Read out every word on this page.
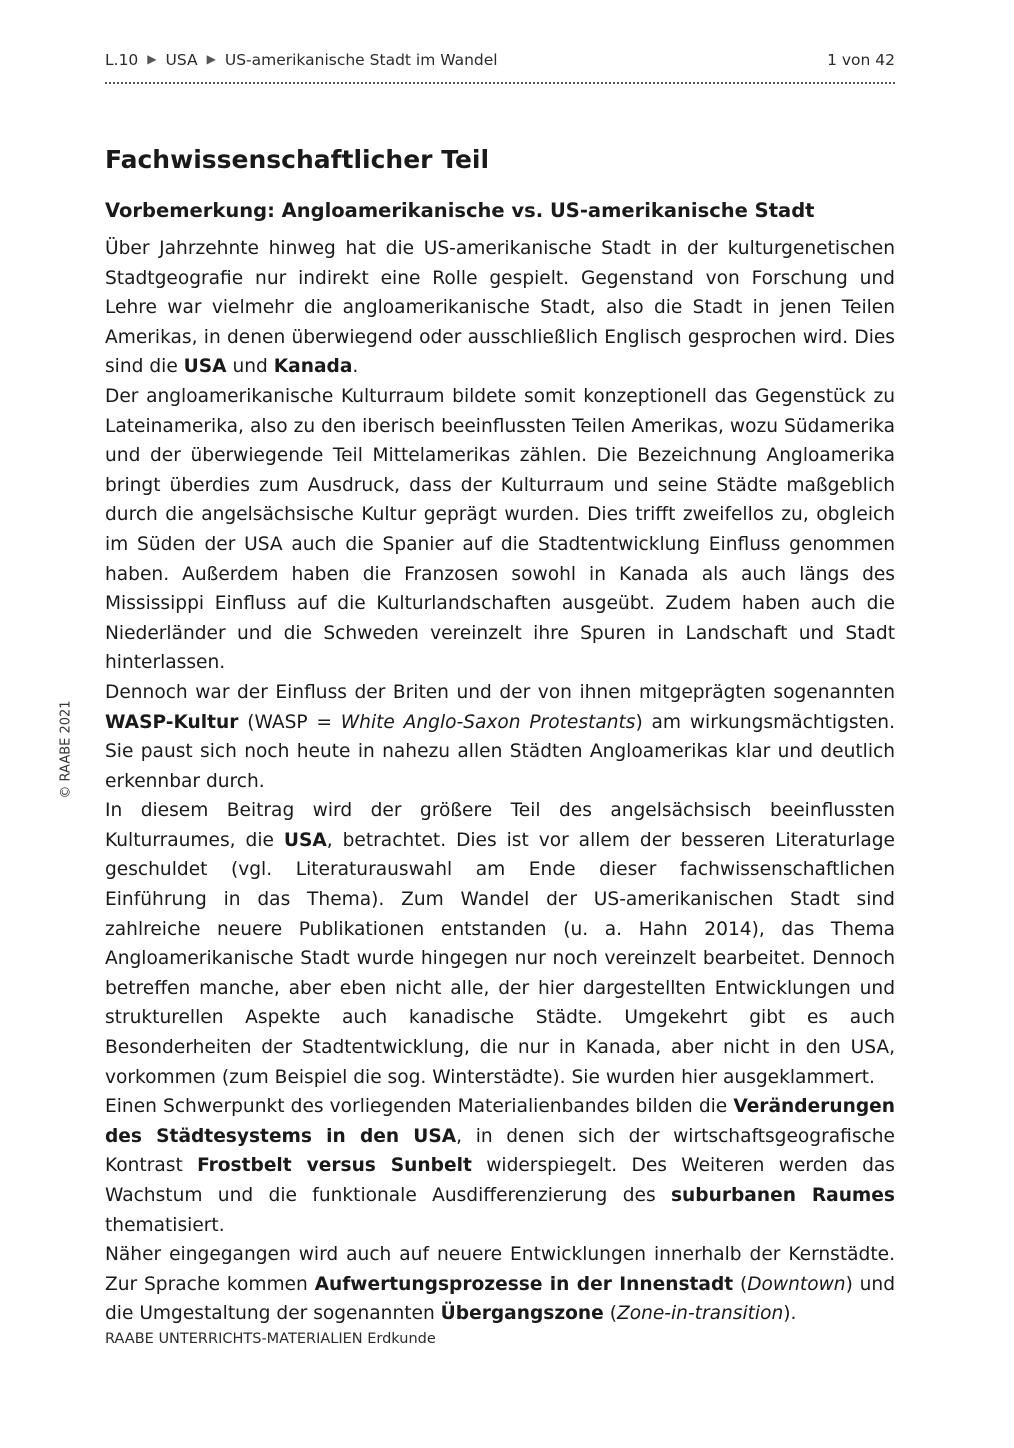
L.10 ▶ USA ▶ US-amerikanische Stadt im Wandel	1 von 42
© RAABE 2021
Fachwissenschaftlicher Teil
Vorbemerkung: Angloamerikanische vs. US-amerikanische Stadt

Über Jahrzehnte hinweg hat die US-amerikanische Stadt in der kulturgenetischen Stadtgeografie nur indirekt eine Rolle gespielt. Gegenstand von Forschung und Lehre war vielmehr die angloamerikanische Stadt, also die Stadt in jenen Teilen Amerikas, in denen überwiegend oder ausschließlich Englisch gesprochen wird. Dies sind die USA und Kanada.

Der angloamerikanische Kulturraum bildete somit konzeptionell das Gegenstück zu Lateinamerika, also zu den iberisch beeinflussten Teilen Amerikas, wozu Südamerika und der überwiegende Teil Mittelamerikas zählen. Die Bezeichnung Angloamerika bringt überdies zum Ausdruck, dass der Kulturraum und seine Städte maßgeblich durch die angelsächsische Kultur geprägt wurden. Dies trifft zweifellos zu, obgleich im Süden der USA auch die Spanier auf die Stadtentwicklung Einfluss genommen haben. Außerdem haben die Franzosen sowohl in Kanada als auch längs des Mississippi Einfluss auf die Kulturlandschaften ausgeübt. Zudem haben auch die Niederländer und die Schweden vereinzelt ihre Spuren in Landschaft und Stadt hinterlassen.

Dennoch war der Einfluss der Briten und der von ihnen mitgeprägten sogenannten WASP-Kultur (WASP = White Anglo-Saxon Protestants) am wirkungsmächtigsten. Sie paust sich noch heute in nahezu allen Städten Angloamerikas klar und deutlich erkennbar durch.

In diesem Beitrag wird der größere Teil des angelsächsisch beeinflussten Kulturraumes, die USA, betrachtet. Dies ist vor allem der besseren Literaturlage geschuldet (vgl. Literaturauswahl am Ende dieser fachwissenschaftlichen Einführung in das Thema). Zum Wandel der US-amerikanischen Stadt sind zahlreiche neuere Publikationen entstanden (u. a. Hahn 2014), das Thema Angloamerikanische Stadt wurde hingegen nur noch vereinzelt bearbeitet. Dennoch betreffen manche, aber eben nicht alle, der hier dargestellten Entwicklungen und strukturellen Aspekte auch kanadische Städte. Umgekehrt gibt es auch Besonderheiten der Stadtentwicklung, die nur in Kanada, aber nicht in den USA, vorkommen (zum Beispiel die sog. Winterstädte). Sie wurden hier ausgeklammert.

Einen Schwerpunkt des vorliegenden Materialienbandes bilden die Veränderungen des Städtesystems in den USA, in denen sich der wirtschaftsgeografische Kontrast Frostbelt versus Sunbelt widerspiegelt. Des Weiteren werden das Wachstum und die funktionale Ausdifferenzierung des suburbanen Raumes thematisiert.

Näher eingegangen wird auch auf neuere Entwicklungen innerhalb der Kernstädte. Zur Sprache kommen Aufwertungsprozesse in der Innenstadt (Downtown) und die Umgestaltung der sogenannten Übergangszone (Zone-in-transition).

RAABE UNTERRICHTS-MATERIALIEN Erdkunde
